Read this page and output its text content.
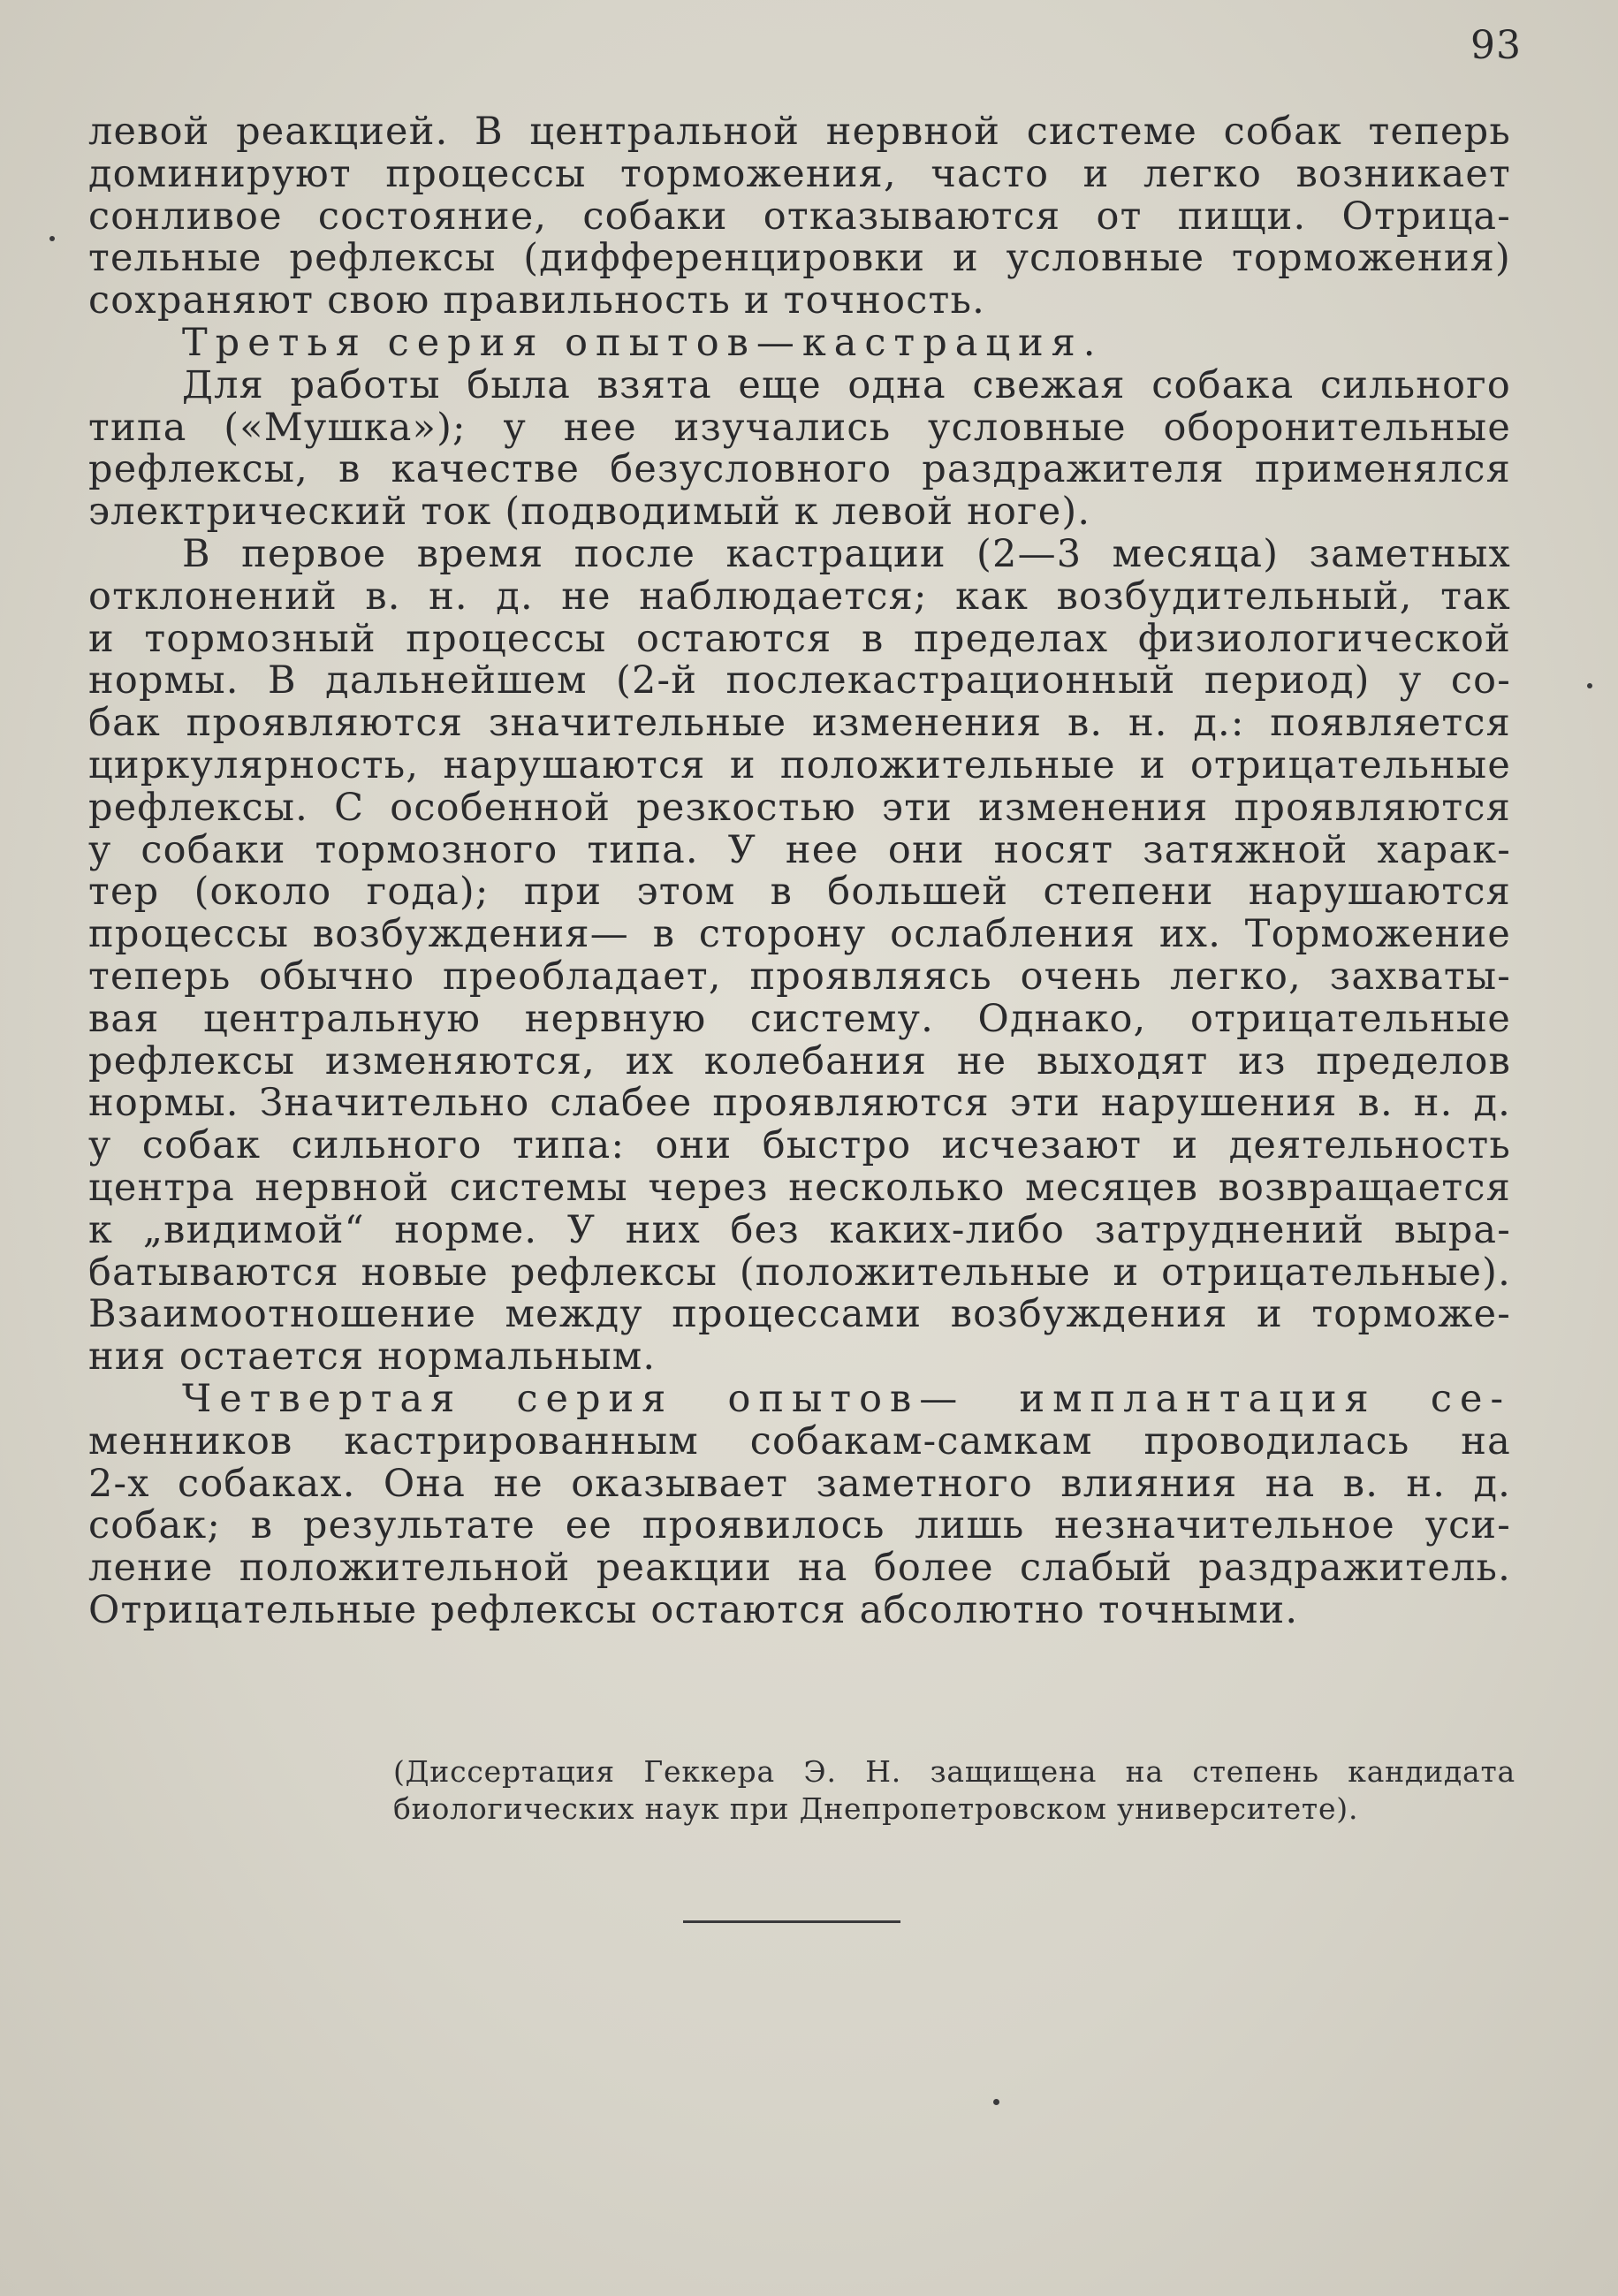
93
левой реакцией. В центральной нервной системе собак теперь
доминируют процессы торможения, часто и легко возникает
сонливое состояние, собаки отказываются от пищи. Отрица-
тельные рефлексы (дифференцировки и условные торможения)
сохраняют свою правильность и точность.
Третья серия опытов—кастрация.
Для работы была взята еще одна свежая собака сильного
типа («Мушка»); у нее изучались условные оборонительные
рефлексы, в качестве безусловного раздражителя применялся
электрический ток (подводимый к левой ноге).
В первое время после кастрации (2—3 месяца) заметных
отклонений в. н. д. не наблюдается; как возбудительный, так
и тормозный процессы остаются в пределах физиологической
нормы. В дальнейшем (2-й послекастрационный период) у со-
бак проявляются значительные изменения в. н. д.: появляется
циркулярность, нарушаются и положительные и отрицательные
рефлексы. С особенной резкостью эти изменения проявляются
у собаки тормозного типа. У нее они носят затяжной харак-
тер (около года); при этом в большей степени нарушаются
процессы возбуждения— в сторону ослабления их. Торможение
теперь обычно преобладает, проявляясь очень легко, захваты-
вая центральную нервную систему. Однако, отрицательные
рефлексы изменяются, их колебания не выходят из пределов
нормы. Значительно слабее проявляются эти нарушения в. н. д.
у собак сильного типа: они быстро исчезают и деятельность
центра нервной системы через несколько месяцев возвращается
к „видимой“ норме. У них без каких-либо затруднений выра-
батываются новые рефлексы (положительные и отрицательные).
Взаимоотношение между процессами возбуждения и торможе-
ния остается нормальным.
Четвертая серия опытов— имплантация се-
менников кастрированным собакам-самкам проводилась на
2-х собаках. Она не оказывает заметного влияния на в. н. д.
собак; в результате ее проявилось лишь незначительное уси-
ление положительной реакции на более слабый раздражитель.
Отрицательные рефлексы остаются абсолютно точными.
(Диссертация Геккера Э. Н. защищена на степень кандидата
биологических наук при Днепропетровском университете).
